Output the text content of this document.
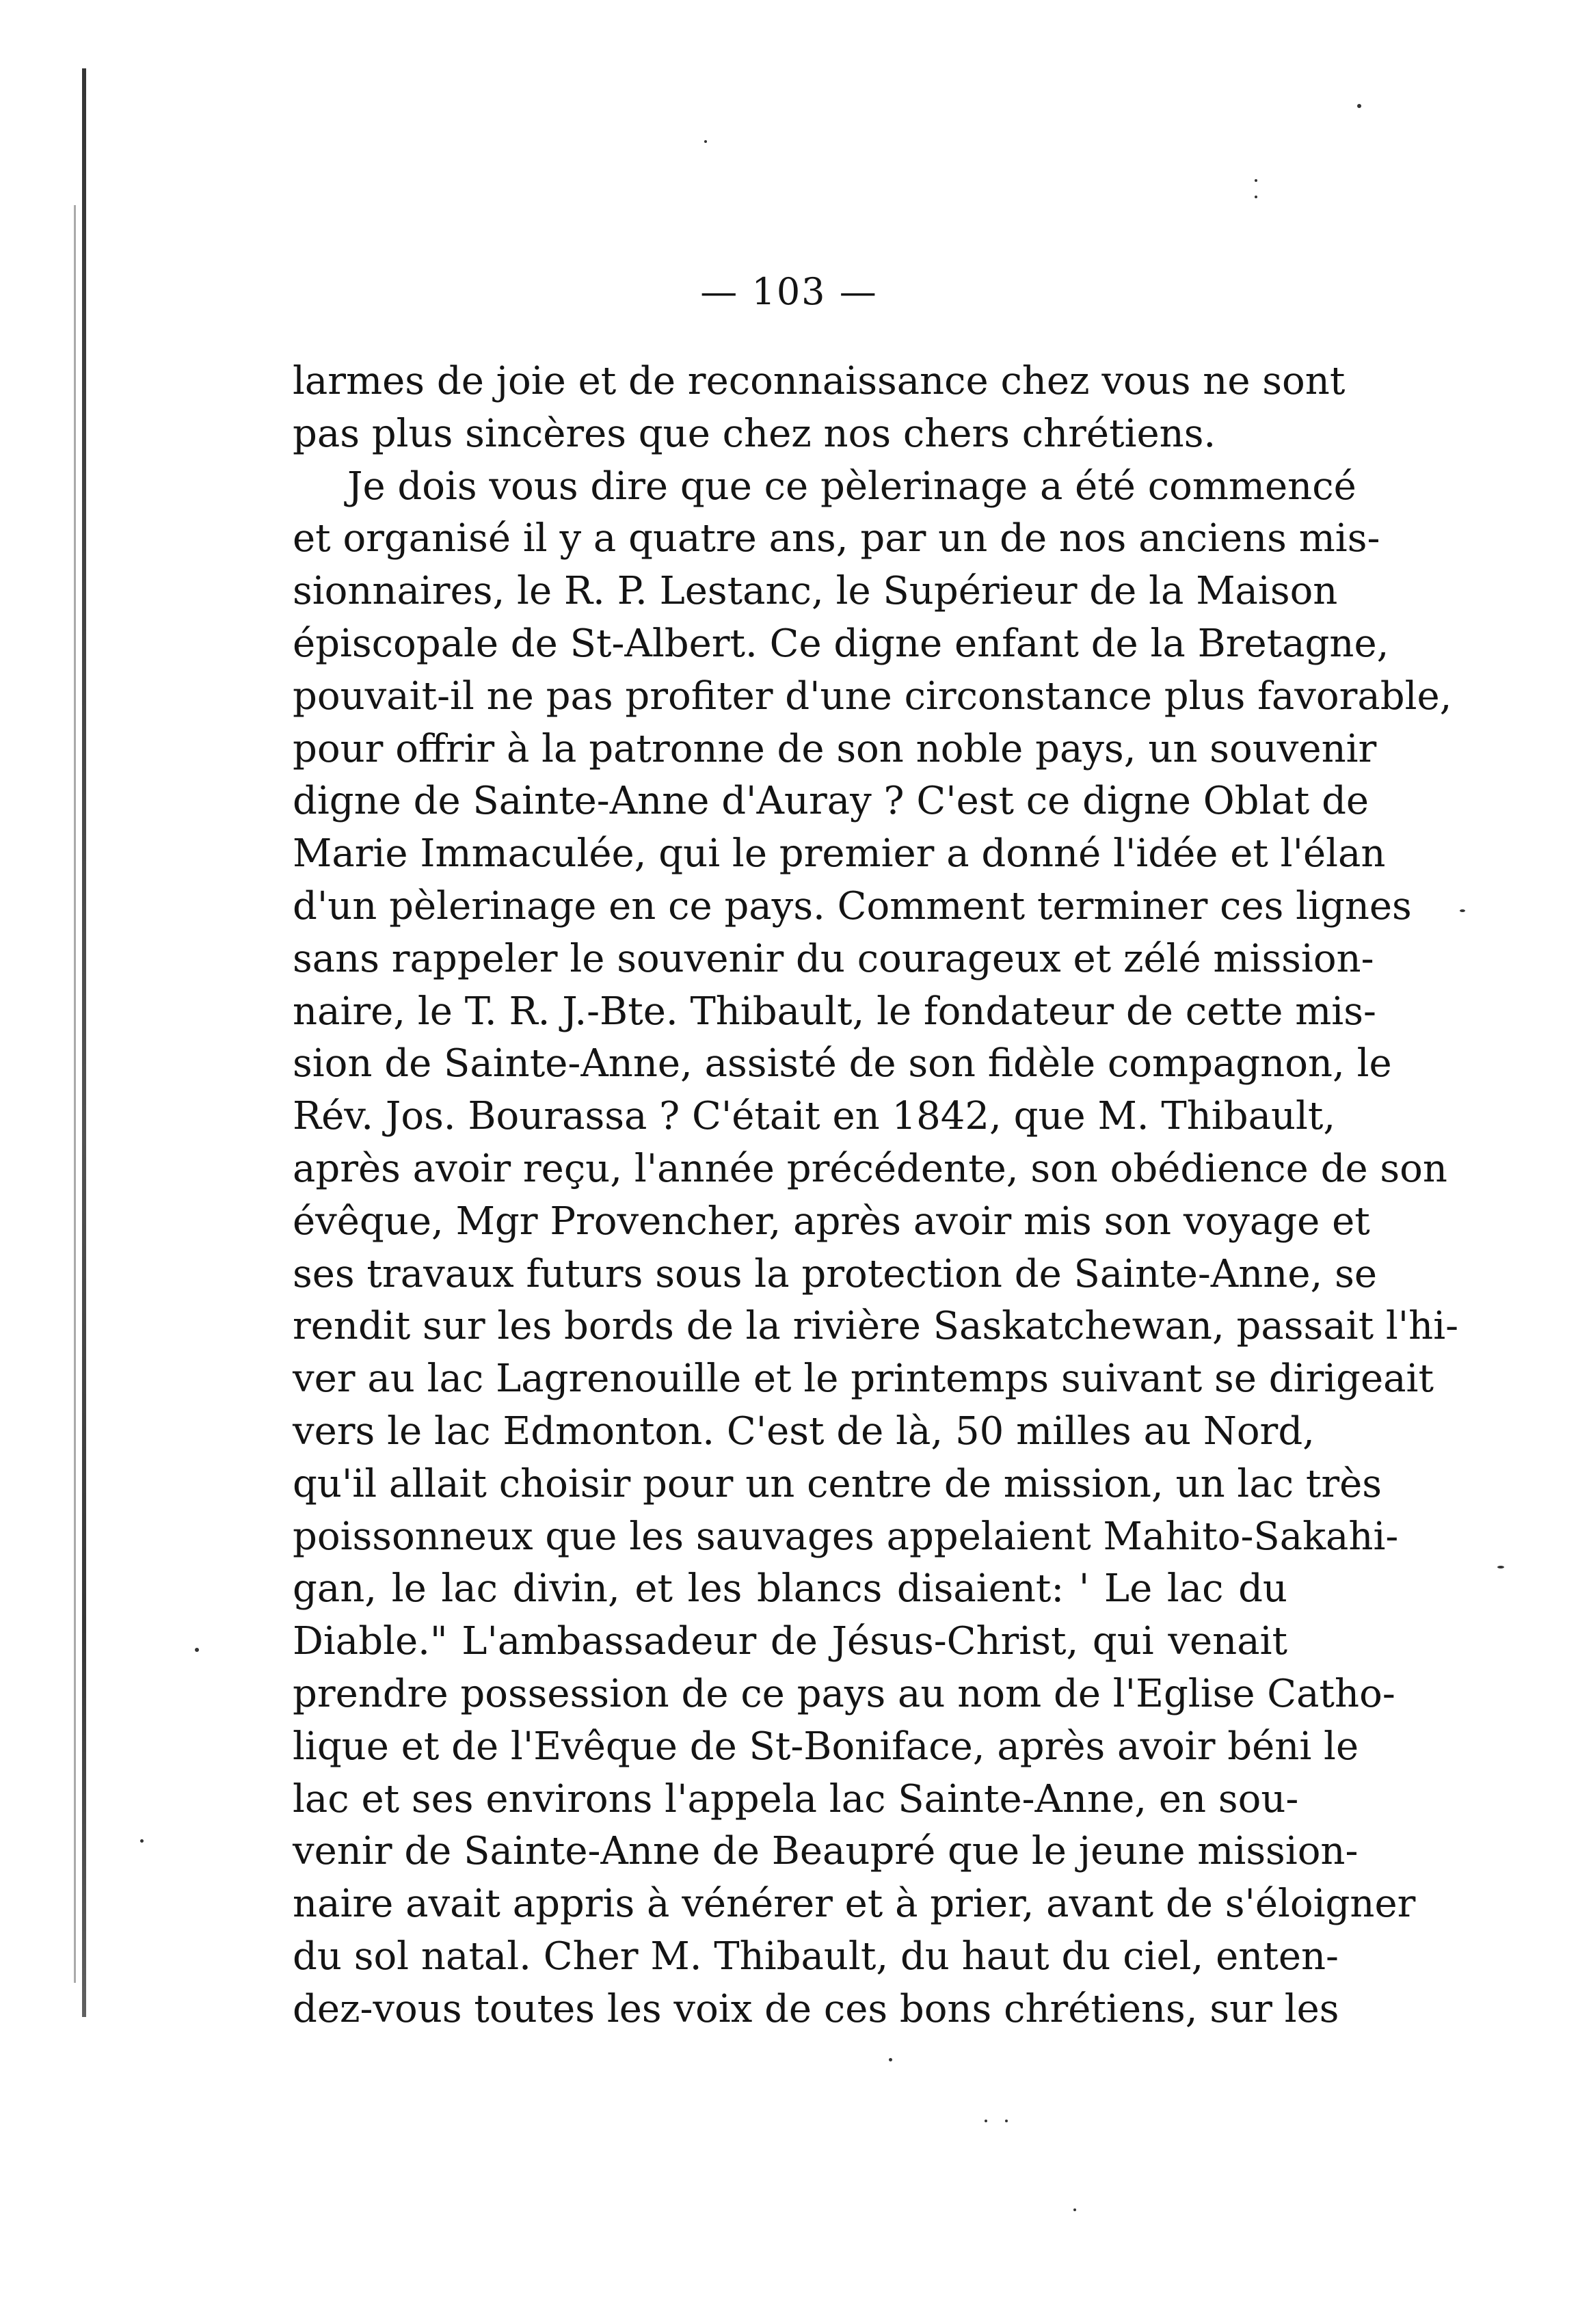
— 103 —
larmes de joie et de reconnaissance chez vous ne sont
pas plus sincères que chez nos chers chrétiens.
Je dois vous dire que ce pèlerinage a été commencé
et organisé il y a quatre ans, par un de nos anciens mis-
sionnaires, le R. P. Lestanc, le Supérieur de la Maison
épiscopale de St-Albert. Ce digne enfant de la Bretagne,
pouvait-il ne pas profiter d'une circonstance plus favorable,
pour offrir à la patronne de son noble pays, un souvenir
digne de Sainte-Anne d'Auray ? C'est ce digne Oblat de
Marie Immaculée, qui le premier a donné l'idée et l'élan
d'un pèlerinage en ce pays. Comment terminer ces lignes
sans rappeler le souvenir du courageux et zélé mission-
naire, le T. R. J.-Bte. Thibault, le fondateur de cette mis-
sion de Sainte-Anne, assisté de son fidèle compagnon, le
Rév. Jos. Bourassa ? C'était en 1842, que M. Thibault,
après avoir reçu, l'année précédente, son obédience de son
évêque, Mgr Provencher, après avoir mis son voyage et
ses travaux futurs sous la protection de Sainte-Anne, se
rendit sur les bords de la rivière Saskatchewan, passait l'hi-
ver au lac Lagrenouille et le printemps suivant se dirigeait
vers le lac Edmonton. C'est de là, 50 milles au Nord,
qu'il allait choisir pour un centre de mission, un lac très
poissonneux que les sauvages appelaient Mahito-Sakahi-
gan, le lac divin, et les blancs disaient: ' Le lac du
Diable." L'ambassadeur de Jésus-Christ, qui venait
prendre possession de ce pays au nom de l'Eglise Catho-
lique et de l'Evêque de St-Boniface, après avoir béni le
lac et ses environs l'appela lac Sainte-Anne, en sou-
venir de Sainte-Anne de Beaupré que le jeune mission-
naire avait appris à vénérer et à prier, avant de s'éloigner
du sol natal. Cher M. Thibault, du haut du ciel, enten-
dez-vous toutes les voix de ces bons chrétiens, sur les
